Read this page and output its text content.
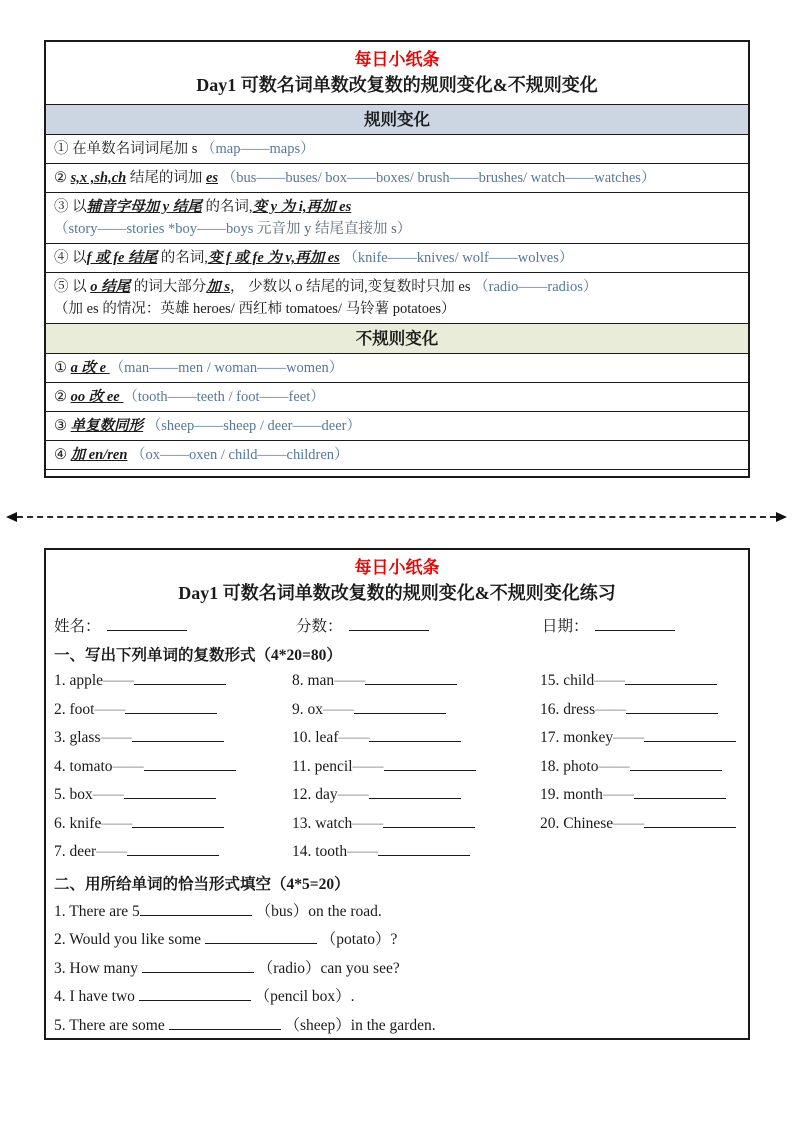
每日小纸条
Day1 可数名词单数改复数的规则变化&不规则变化
规则变化
① 在单数名词词尾加 s （map——maps）
② s,x ,sh,ch 结尾的词加 es （bus——buses/ box——boxes/ brush——brushes/ watch——watches）
③ 以辅音字母加 y 结尾 的名词,变 y 为 i,再加 es
（story——stories *boy——boys 元音加 y 结尾直接加 s）
④ 以f 或 fe 结尾 的名词,变 f 或 fe 为 v,再加 es （knife——knives/ wolf——wolves）
⑤ 以 o 结尾 的词大部分加 s， 少数以 o 结尾的词,变复数时只加 es （radio——radios）
（加 es 的情况：英雄 heroes/ 西红柿 tomatoes/ 马铃薯 potatoes）
不规则变化
① a 改 e （man——men / woman——women）
② oo 改 ee （tooth——teeth / foot——feet）
③ 单复数同形 （sheep——sheep / deer——deer）
④ 加 en/ren （ox——oxen / child——children）
每日小纸条
Day1 可数名词单数改复数的规则变化&不规则变化练习
姓名：	分数：	日期：
一、写出下列单词的复数形式（4*20=80）
1. apple——
2. foot——
3. glass——
4. tomato——
5. box——
6. knife——
7. deer——
8. man——
9. ox——
10. leaf——
11. pencil——
12. day——
13. watch——
14. tooth——
15. child——
16. dress——
17. monkey——
18. photo——
19. month——
20. Chinese——
二、用所给单词的恰当形式填空（4*5=20）
1. There are 5	（bus）on the road.
2. Would you like some	（potato）?
3. How many	（radio）can you see?
4. I have two	（pencil box）.
5. There are some	（sheep）in the garden.
